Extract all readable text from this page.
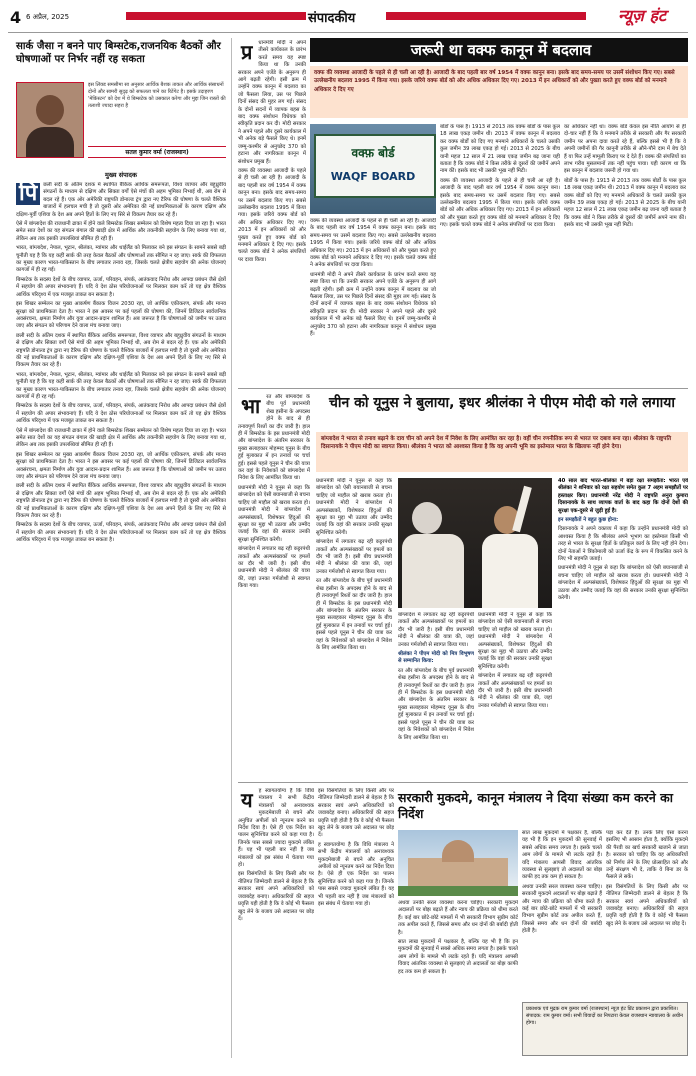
4 6 अप्रैल, 2025	संपादकीय	न्यूज़ हंट
सार्क जैसा न बनने पाए बिम्सटेक,राजनयिक बैठकों और घोषणाओं पर निर्भर नहीं रह सकता
इस लिंक्ड समसीमा सा अनुसार आर्थिक बैशक ताकत और आर्थिक संसाधनों दोनों और सामरी सुदृढ़ को सफलता पाने का रिटेंगेट है। इसके उदाहरण 'मेकिंस्टन' को देश में थे बिम्सटेक को उसकाल करेगा और मुद्दा जिन रास्तों की तलाशी ज्यादा सहरा है
सतल कुमार वर्मा (राजस्थान)
मुख्य संपादक

पि	छली सदी के अंतिम दशक में स्थापित बैंकिक आर्थिक समरूपता, विश्व व्यापार और बहुध्रुवीय संगठनों के माध्यम से दक्षिण और सिक्ता वर्गों ऐसे मंचों की अहम भूमिका निभाई थी, अब रोम से बदल रहे हैं। एक ओर अमेरिकी राष्ट्रपति डोनाल्ड ट्रंप द्वारा नए टैरिफ की घोषणा के चलते वैश्विक बाजारों में हलचल मची है तो दूसरी ओर अमेरिका की नई प्राथमिकताओं के कारण दक्षिण और दक्षिण-पूर्वी एशिया के देश अब अपने हितों के लिए नए सिरे से विकल्प तैयार कर रहे हैं।

ऐसे में बांग्लादेश की राजधानी ढाका में होने वाले बिम्सटेक शिखर सम्मेलन को विशेष महत्व दिया जा रहा है। भारत समेत सात देशों का यह संगठन बंगाल की खाड़ी क्षेत्र में आर्थिक और तकनीकी सहयोग के लिए बनाया गया था, लेकिन अब तक इसकी उपलब्धियां सीमित ही रही हैं।

भारत, बांग्लादेश, नेपाल, भूटान, श्रीलंका, म्यांमार और थाईलैंड को मिलाकर बने इस संगठन के सामने सबसे बड़ी चुनौती यह है कि यह कहीं सार्क की तरह केवल बैठकों और घोषणाओं तक सीमित न रह जाए। सार्क की विफलता का मुख्य कारण भारत-पाकिस्तान के बीच लगातार तनाव रहा, जिसके चलते क्षेत्रीय सहयोग की अनेक योजनाएं कागजों में ही रह गईं।

बिम्सटेक के सदस्य देशों के बीच व्यापार, ऊर्जा, परिवहन, संपर्क, आतंकवाद निरोध और आपदा प्रबंधन जैसे क्षेत्रों में सहयोग की अपार संभावनाएं हैं। यदि ये देश ठोस परियोजनाओं पर मिलकर काम करें तो यह क्षेत्र वैश्विक आर्थिक परिदृश्य में एक मजबूत ताकत बन सकता है।

इस शिखर सम्मेलन का मुख्य आकर्षण बैंकाक विजन 2030 रहा, जो आर्थिक एकीकरण, संपर्क और मानव सुरक्षा को प्राथमिकता देता है। भारत ने इस अवसर पर कई पहलों की घोषणा की, जिनमें डिजिटल सार्वजनिक अवसंरचना, क्षमता निर्माण और युवा आदान-प्रदान शामिल हैं। अब जरूरत है कि घोषणाओं को जमीन पर उतारा जाए और संगठन को परिणाम देने वाला मंच बनाया जाए।

छली सदी के अंतिम दशक में स्थापित बैंकिक आर्थिक समरूपता, विश्व व्यापार और बहुध्रुवीय संगठनों के माध्यम से दक्षिण और सिक्ता वर्गों ऐसे मंचों की अहम भूमिका निभाई थी, अब रोम से बदल रहे हैं। एक ओर अमेरिकी राष्ट्रपति डोनाल्ड ट्रंप द्वारा नए टैरिफ की घोषणा के चलते वैश्विक बाजारों में हलचल मची है तो दूसरी ओर अमेरिका की नई प्राथमिकताओं के कारण दक्षिण और दक्षिण-पूर्वी एशिया के देश अब अपने हितों के लिए नए सिरे से विकल्प तैयार कर रहे हैं।

भारत, बांग्लादेश, नेपाल, भूटान, श्रीलंका, म्यांमार और थाईलैंड को मिलाकर बने इस संगठन के सामने सबसे बड़ी चुनौती यह है कि यह कहीं सार्क की तरह केवल बैठकों और घोषणाओं तक सीमित न रह जाए। सार्क की विफलता का मुख्य कारण भारत-पाकिस्तान के बीच लगातार तनाव रहा, जिसके चलते क्षेत्रीय सहयोग की अनेक योजनाएं कागजों में ही रह गईं।

बिम्सटेक के सदस्य देशों के बीच व्यापार, ऊर्जा, परिवहन, संपर्क, आतंकवाद निरोध और आपदा प्रबंधन जैसे क्षेत्रों में सहयोग की अपार संभावनाएं हैं। यदि ये देश ठोस परियोजनाओं पर मिलकर काम करें तो यह क्षेत्र वैश्विक आर्थिक परिदृश्य में एक मजबूत ताकत बन सकता है।

ऐसे में बांग्लादेश की राजधानी ढाका में होने वाले बिम्सटेक शिखर सम्मेलन को विशेष महत्व दिया जा रहा है। भारत समेत सात देशों का यह संगठन बंगाल की खाड़ी क्षेत्र में आर्थिक और तकनीकी सहयोग के लिए बनाया गया था, लेकिन अब तक इसकी उपलब्धियां सीमित ही रही हैं।

इस शिखर सम्मेलन का मुख्य आकर्षण बैंकाक विजन 2030 रहा, जो आर्थिक एकीकरण, संपर्क और मानव सुरक्षा को प्राथमिकता देता है। भारत ने इस अवसर पर कई पहलों की घोषणा की, जिनमें डिजिटल सार्वजनिक अवसंरचना, क्षमता निर्माण और युवा आदान-प्रदान शामिल हैं। अब जरूरत है कि घोषणाओं को जमीन पर उतारा जाए और संगठन को परिणाम देने वाला मंच बनाया जाए।

छली सदी के अंतिम दशक में स्थापित बैंकिक आर्थिक समरूपता, विश्व व्यापार और बहुध्रुवीय संगठनों के माध्यम से दक्षिण और सिक्ता वर्गों ऐसे मंचों की अहम भूमिका निभाई थी, अब रोम से बदल रहे हैं। एक ओर अमेरिकी राष्ट्रपति डोनाल्ड ट्रंप द्वारा नए टैरिफ की घोषणा के चलते वैश्विक बाजारों में हलचल मची है तो दूसरी ओर अमेरिका की नई प्राथमिकताओं के कारण दक्षिण और दक्षिण-पूर्वी एशिया के देश अब अपने हितों के लिए नए सिरे से विकल्प तैयार कर रहे हैं।

बिम्सटेक के सदस्य देशों के बीच व्यापार, ऊर्जा, परिवहन, संपर्क, आतंकवाद निरोध और आपदा प्रबंधन जैसे क्षेत्रों में सहयोग की अपार संभावनाएं हैं। यदि ये देश ठोस परियोजनाओं पर मिलकर काम करें तो यह क्षेत्र वैश्विक आर्थिक परिदृश्य में एक मजबूत ताकत बन सकता है।

जरूरी था वक्फ कानून में बदलाव
वक्फ की व्यवस्था आजादी के पहले से ही चली आ रही है। आजादी के बाद पहली बार वर्ष 1954 में वक्फ कानून बना। इसके बाद समय-समय पर उसमें संशोधन किए गए। सबसे उल्लेखनीय बदलाव 1995 में किया गया। इसके जरिये वक्फ बोर्ड को और अधिक अधिकार दिए गए। 2013 में इन अधिकारों को और पुख्ता करते हुए वक्फ बोर्ड को मनमाने अधिकार दे दिए गए

प्र	धानमंत्री मोदी ने अपने तीसरे कार्यकाल के प्रारंभ करते समय यह स्पष्ट किया था कि उनकी सरकार अपने एजेंडे के अनुरूप ही आगे बढ़ती रहेगी। इसी क्रम में उन्होंने वक्फ कानून में बदलाव का जो फैसला लिया, उस पर पिछले दिनों संसद की मुहर लग गई। संसद के दोनों सदनों में व्यापक बहस के बाद वक्फ संशोधन विधेयक को स्वीकृति प्रदान कर दी। मोदी सरकार ने अपने पहले और दूसरे कार्यकाल में भी अनेक बड़े फैसले किए थे। इनमें जम्मू-कश्मीर से अनुच्छेद 370 को हटाना और नागरिकता कानून में संशोधन प्रमुख हैं।

वक्फ की व्यवस्था आजादी के पहले से ही चली आ रही है। आजादी के बाद पहली बार वर्ष 1954 में वक्फ कानून बना। इसके बाद समय-समय पर उसमें बदलाव किए गए। सबसे उल्लेखनीय बदलाव 1995 में किया गया। इसके जरिये वक्फ बोर्ड को और अधिक अधिकार दिए गए। 2013 में इन अधिकारों को और पुख्ता करते हुए वक्फ बोर्ड को मनमाने अधिकार दे दिए गए। इसके चलते वक्फ बोर्ड ने अनेक संपत्तियों पर दावा किया।

वक्फ़ बोर्ड
WAQF BOARD

वक्फ की व्यवस्था आजादी के पहले से ही चली आ रही है। आजादी के बाद पहली बार वर्ष 1954 में वक्फ कानून बना। इसके बाद समय-समय पर उसमें बदलाव किए गए। सबसे उल्लेखनीय बदलाव 1995 में किया गया। इसके जरिये वक्फ बोर्ड को और अधिक अधिकार दिए गए। 2013 में इन अधिकारों को और पुख्ता करते हुए वक्फ बोर्ड को मनमाने अधिकार दे दिए गए। इसके चलते वक्फ बोर्ड ने अनेक संपत्तियों पर दावा किया।

धानमंत्री मोदी ने अपने तीसरे कार्यकाल के प्रारंभ करते समय यह स्पष्ट किया था कि उनकी सरकार अपने एजेंडे के अनुरूप ही आगे बढ़ती रहेगी। इसी क्रम में उन्होंने वक्फ कानून में बदलाव का जो फैसला लिया, उस पर पिछले दिनों संसद की मुहर लग गई। संसद के दोनों सदनों में व्यापक बहस के बाद वक्फ संशोधन विधेयक को स्वीकृति प्रदान कर दी। मोदी सरकार ने अपने पहले और दूसरे कार्यकाल में भी अनेक बड़े फैसले किए थे। इनमें जम्मू-कश्मीर से अनुच्छेद 370 को हटाना और नागरिकता कानून में संशोधन प्रमुख हैं।

बोर्डों के पास है। 1913 से 2013 तक वक्फ बोर्डों के पास कुल 18 लाख एकड़ जमीन थी। 2013 में वक्फ कानून में बदलाव कर वक्फ बोर्डों को दिए गए मनमाने अधिकारों के चलते उसकी कुल जमीन 39 लाख एकड़ हो गई। 2013 से 2025 के बीच यानी महज 12 साल में 21 लाख एकड़ जमीन बढ़ जाना यही बताता है कि वक्फ बोर्ड ने किस तरीके से दूसरों की जमीनें अपने नाम कीं। इसके बाद भी उसकी भूख नहीं मिटी।

वक्फ की व्यवस्था आजादी के पहले से ही चली आ रही है। आजादी के बाद पहली बार वर्ष 1954 में वक्फ कानून बना। इसके बाद समय-समय पर उसमें बदलाव किए गए। सबसे उल्लेखनीय बदलाव 1995 में किया गया। इसके जरिये वक्फ बोर्ड को और अधिक अधिकार दिए गए। 2013 में इन अधिकारों को और पुख्ता करते हुए वक्फ बोर्ड को मनमाने अधिकार दे दिए गए। इसके चलते वक्फ बोर्ड ने अनेक संपत्तियों पर दावा किया।

का अधिकार नहीं था। वक्फ बोर्ड केवल इस नीति आयोग से ही दो-चार नहीं हैं कि वे मनमाने तरीके से सरकारी और गैर सरकारी जमीन पर अपना दावा करते रहे हैं, बल्कि इससे भी है कि वे अपनी जमीनों की गैर कानूनी तरीके से औने-पौने दाम में बेच देते हैं या फिर उन्हें मामूली किराए पर दे देते हैं। वक्फ की संपत्तियों का लाभ गरीब मुसलमानों तक नहीं पहुंच पाया। यही कारण था कि इस कानून में बदलाव जरूरी हो गया था।

बोर्डों के पास है। 1913 से 2013 तक वक्फ बोर्डों के पास कुल 18 लाख एकड़ जमीन थी। 2013 में वक्फ कानून में बदलाव कर वक्फ बोर्डों को दिए गए मनमाने अधिकारों के चलते उसकी कुल जमीन 39 लाख एकड़ हो गई। 2013 से 2025 के बीच यानी महज 12 साल में 21 लाख एकड़ जमीन बढ़ जाना यही बताता है कि वक्फ बोर्ड ने किस तरीके से दूसरों की जमीनें अपने नाम कीं। इसके बाद भी उसकी भूख नहीं मिटी।

भा	रत और बांग्लादेश के बीच पूर्व प्रधानमंत्री शेख हसीना के अपदस्थ होने के बाद से ही तनावपूर्ण रिश्तों का दौर जारी है। हाल ही में बिम्सटेक के इस प्रधानमंत्री मोदी और बांग्लादेश के अंतरिम सरकार के मुख्य सलाहकार मोहम्मद यूनुस के बीच हुई मुलाकात में इन तनावों पर चर्चा हुई। इससे पहले यूनुस ने चीन की यात्रा कर वहां के निवेशकों को बांग्लादेश में निवेश के लिए आमंत्रित किया था।

प्रधानमंत्री मोदी ने यूनुस से कहा कि बांग्लादेश को ऐसी बयानबाजी से बचना चाहिए जो माहौल को खराब करता हो। प्रधानमंत्री मोदी ने बांग्लादेश में अल्पसंख्यकों, विशेषकर हिंदुओं की सुरक्षा का मुद्दा भी उठाया और उम्मीद जताई कि वहां की सरकार उनकी सुरक्षा सुनिश्चित करेगी।

बांग्लादेश में लगातार बढ़ रही कट्टरपंथी ताकतें और अल्पसंख्यकों पर हमलों का दौर भी जारी है। इसी बीच प्रधानमंत्री मोदी ने श्रीलंका की यात्रा की, जहां उनका गर्मजोशी से स्वागत किया गया।

चीन को यूनुस ने बुलाया, इधर श्रीलंका ने पीएम मोदी को गले लगाया
बांग्लादेश ने भारत से तनाव बढ़ाने के दाव चीन को अपने देश में निवेश के लिए आमंत्रित कर रहा है। वहीं चीन रणनीतिक रूप से भारत पर दबाव बना रहा। श्रीलंका के राष्ट्रपति दिसानायके ने पीएम मोदी का स्वागत किया। श्रीलंका ने भारत को आश्वस्त किया है कि वह अपनी भूमि का इस्तेमाल भारत के खिलाफ नहीं होने देगा।

प्रधानमंत्री मोदी ने यूनुस से कहा कि बांग्लादेश को ऐसी बयानबाजी से बचना चाहिए जो माहौल को खराब करता हो। प्रधानमंत्री मोदी ने बांग्लादेश में अल्पसंख्यकों, विशेषकर हिंदुओं की सुरक्षा का मुद्दा भी उठाया और उम्मीद जताई कि वहां की सरकार उनकी सुरक्षा सुनिश्चित करेगी।

बांग्लादेश में लगातार बढ़ रही कट्टरपंथी ताकतें और अल्पसंख्यकों पर हमलों का दौर भी जारी है। इसी बीच प्रधानमंत्री मोदी ने श्रीलंका की यात्रा की, जहां उनका गर्मजोशी से स्वागत किया गया।

रत और बांग्लादेश के बीच पूर्व प्रधानमंत्री शेख हसीना के अपदस्थ होने के बाद से ही तनावपूर्ण रिश्तों का दौर जारी है। हाल ही में बिम्सटेक के इस प्रधानमंत्री मोदी और बांग्लादेश के अंतरिम सरकार के मुख्य सलाहकार मोहम्मद यूनुस के बीच हुई मुलाकात में इन तनावों पर चर्चा हुई। इससे पहले यूनुस ने चीन की यात्रा कर वहां के निवेशकों को बांग्लादेश में निवेश के लिए आमंत्रित किया था।

बांग्लादेश में लगातार बढ़ रही कट्टरपंथी ताकतें और अल्पसंख्यकों पर हमलों का दौर भी जारी है। इसी बीच प्रधानमंत्री मोदी ने श्रीलंका की यात्रा की, जहां उनका गर्मजोशी से स्वागत किया गया।

श्रीलंका ने पीएम मोदी को मित्र विभूषण से सम्मानित किया:

रत और बांग्लादेश के बीच पूर्व प्रधानमंत्री शेख हसीना के अपदस्थ होने के बाद से ही तनावपूर्ण रिश्तों का दौर जारी है। हाल ही में बिम्सटेक के इस प्रधानमंत्री मोदी और बांग्लादेश के अंतरिम सरकार के मुख्य सलाहकार मोहम्मद यूनुस के बीच हुई मुलाकात में इन तनावों पर चर्चा हुई। इससे पहले यूनुस ने चीन की यात्रा कर वहां के निवेशकों को बांग्लादेश में निवेश के लिए आमंत्रित किया था।

प्रधानमंत्री मोदी ने यूनुस से कहा कि बांग्लादेश को ऐसी बयानबाजी से बचना चाहिए जो माहौल को खराब करता हो। प्रधानमंत्री मोदी ने बांग्लादेश में अल्पसंख्यकों, विशेषकर हिंदुओं की सुरक्षा का मुद्दा भी उठाया और उम्मीद जताई कि वहां की सरकार उनकी सुरक्षा सुनिश्चित करेगी।

बांग्लादेश में लगातार बढ़ रही कट्टरपंथी ताकतें और अल्पसंख्यकों पर हमलों का दौर भी जारी है। इसी बीच प्रधानमंत्री मोदी ने श्रीलंका की यात्रा की, जहां उनका गर्मजोशी से स्वागत किया गया।

40 साल बाद भारत-श्रीलंका में बड़ा रक्षा समझौता: भारत एवं श्रीलंका ने शनिवार को रक्षा सहयोग समेत कुल 7 अहम समझौतों पर हस्ताक्षर किए। प्रधानमंत्री नरेंद्र मोदी ने राष्ट्रपति अनुरा कुमारा दिसानायके के साथ व्यापक वार्ता के बाद कहा कि दोनों देशों की सुरक्षा एक-दूसरे से जुड़ी हुई है।

इन समझौतों ने बहुत कुछ होना:

दिसानायके ने अपने वक्तव्य में कहा कि उन्होंने प्रधानमंत्री मोदी को आश्वस्त किया है कि श्रीलंका अपने भूभाग का इस्तेमाल किसी भी तरह से भारत के सुरक्षा हितों के प्रतिकूल कार्य के लिए नहीं होने देगा। दोनों नेताओं ने त्रिंकोमाली को ऊर्जा केंद्र के रूप में विकसित करने के लिए भी सहमति जताई।

प्रधानमंत्री मोदी ने यूनुस से कहा कि बांग्लादेश को ऐसी बयानबाजी से बचना चाहिए जो माहौल को खराब करता हो। प्रधानमंत्री मोदी ने बांग्लादेश में अल्पसंख्यकों, विशेषकर हिंदुओं की सुरक्षा का मुद्दा भी उठाया और उम्मीद जताई कि वहां की सरकार उनकी सुरक्षा सुनिश्चित करेगी।

य	ह स्वागतयोग्य है कि विधि मंत्रालय ने सभी केंद्रीय मंत्रालयों को अनावश्यक मुकदमेबाजी से बचने और अनुचित अपीलों को न्यूनतम करने का निर्देश दिया है। ऐसे ही एक निर्देश का पालन सुनिश्चित करने को कहा गया है। जिनके पास सबसे ज्यादा मुकदमे लंबित हैं। यह भी पहली बार नहीं है जब मंत्रालयों को इस संबंध में चेताया गया हो।

इस विसंगतियों के लिए किसी और पर नीतिगत जिम्मेदारी डालने से बेहतर है कि सरकार स्वयं अपने अधिकारियों को जवाबदेह बनाए। अधिकारियों की सहज प्रवृत्ति यही होती है कि वे कोई भी फैसला खुद लेने के बजाय उसे अदालत पर छोड़ दें।

इस विसंगतियों के लिए किसी और पर नीतिगत जिम्मेदारी डालने से बेहतर है कि सरकार स्वयं अपने अधिकारियों को जवाबदेह बनाए। अधिकारियों की सहज प्रवृत्ति यही होती है कि वे कोई भी फैसला खुद लेने के बजाय उसे अदालत पर छोड़ दें।

ह स्वागतयोग्य है कि विधि मंत्रालय ने सभी केंद्रीय मंत्रालयों को अनावश्यक मुकदमेबाजी से बचने और अनुचित अपीलों को न्यूनतम करने का निर्देश दिया है। ऐसे ही एक निर्देश का पालन सुनिश्चित करने को कहा गया है। जिनके पास सबसे ज्यादा मुकदमे लंबित हैं। यह भी पहली बार नहीं है जब मंत्रालयों को इस संबंध में चेताया गया हो।

सरकारी मुकदमे, कानून मंत्रालय ने दिया संख्या कम करने का निर्देश

अथवा उनकी सरल व्यवस्था करना चाहिए। सरकारी मुकदमे अदालतों पर बोझ बढ़ाते हैं और न्याय की प्रक्रिया को धीमा करते हैं। कई बार छोटे-छोटे मामलों में भी सरकारी विभाग सुप्रीम कोर्ट तक अपील करते हैं, जिससे समय और धन दोनों की बर्बादी होती है।

सात लाख मुकदमों में पक्षकार है, बल्कि यह भी है कि इन मुकदमों की सुनवाई में सबसे अधिक समय लगता है। इसके चलते आम लोगों के मामले भी लटके रहते हैं। यदि मंत्रालय आपसी विवाद आंतरिक व्यवस्था से सुलझाएं तो अदालतों का बोझ काफी हद तक कम हो सकता है।

सात लाख मुकदमों में पक्षकार है, बल्कि यह भी है कि इन मुकदमों की सुनवाई में सबसे अधिक समय लगता है। इसके चलते आम लोगों के मामले भी लटके रहते हैं। यदि मंत्रालय आपसी विवाद आंतरिक व्यवस्था से सुलझाएं तो अदालतों का बोझ काफी हद तक कम हो सकता है।

अथवा उनकी सरल व्यवस्था करना चाहिए। सरकारी मुकदमे अदालतों पर बोझ बढ़ाते हैं और न्याय की प्रक्रिया को धीमा करते हैं। कई बार छोटे-छोटे मामलों में भी सरकारी विभाग सुप्रीम कोर्ट तक अपील करते हैं, जिससे समय और धन दोनों की बर्बादी होती है।

पड़ा कर देते हैं। उनके लिए ऐसा करना इसलिए भी आसान होता है, क्योंकि मुकदमे की पैरवी का खर्च सरकारी खजाने से जाता है। सरकार को चाहिए कि वह अधिकारियों को निर्णय लेने के लिए प्रोत्साहित करे और उन्हें संरक्षण भी दे, ताकि वे बिना डर के फैसले ले सकें।

इस विसंगतियों के लिए किसी और पर नीतिगत जिम्मेदारी डालने से बेहतर है कि सरकार स्वयं अपने अधिकारियों को जवाबदेह बनाए। अधिकारियों की सहज प्रवृत्ति यही होती है कि वे कोई भी फैसला खुद लेने के बजाय उसे अदालत पर छोड़ दें।

प्रकाशक एवं मुद्रक राम कुमार वर्मा (राजस्थान) न्यूज़ हंट प्रिंट प्रकाशन द्वारा प्रकाशित। संपादक: राम कुमार वर्मा। सभी विवादों का निपटारा केवल राजस्थान न्यायालय के अधीन होगा।
